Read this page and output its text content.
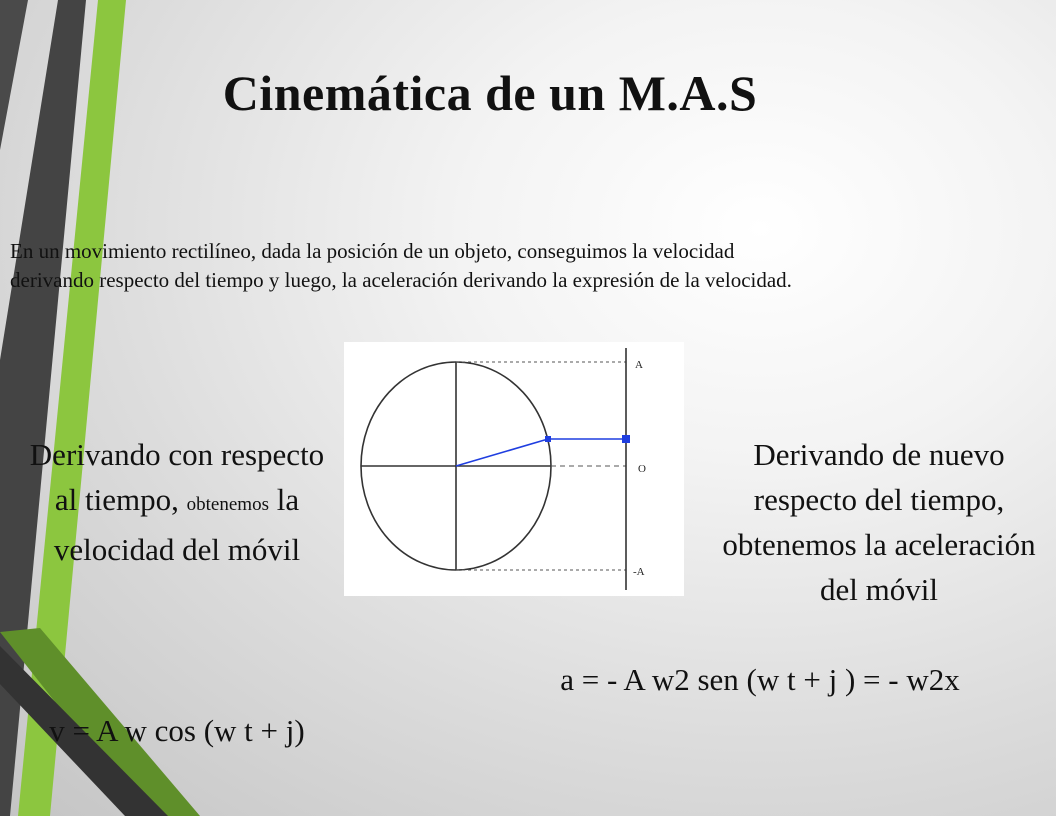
Cinemática de un M.A.S

En un movimiento rectilíneo, dada la posición de un objeto, conseguimos la velocidad

derivando respecto del tiempo y luego, la aceleración derivando la expresión de la velocidad.

A
O
-A
Derivando con respecto al tiempo, obtenemos la velocidad del móvil
v = A w cos (w t + j)
Derivando de nuevo respecto del tiempo, obtenemos la aceleración del móvil
a = - A w2 sen (w t + j ) = - w2x
